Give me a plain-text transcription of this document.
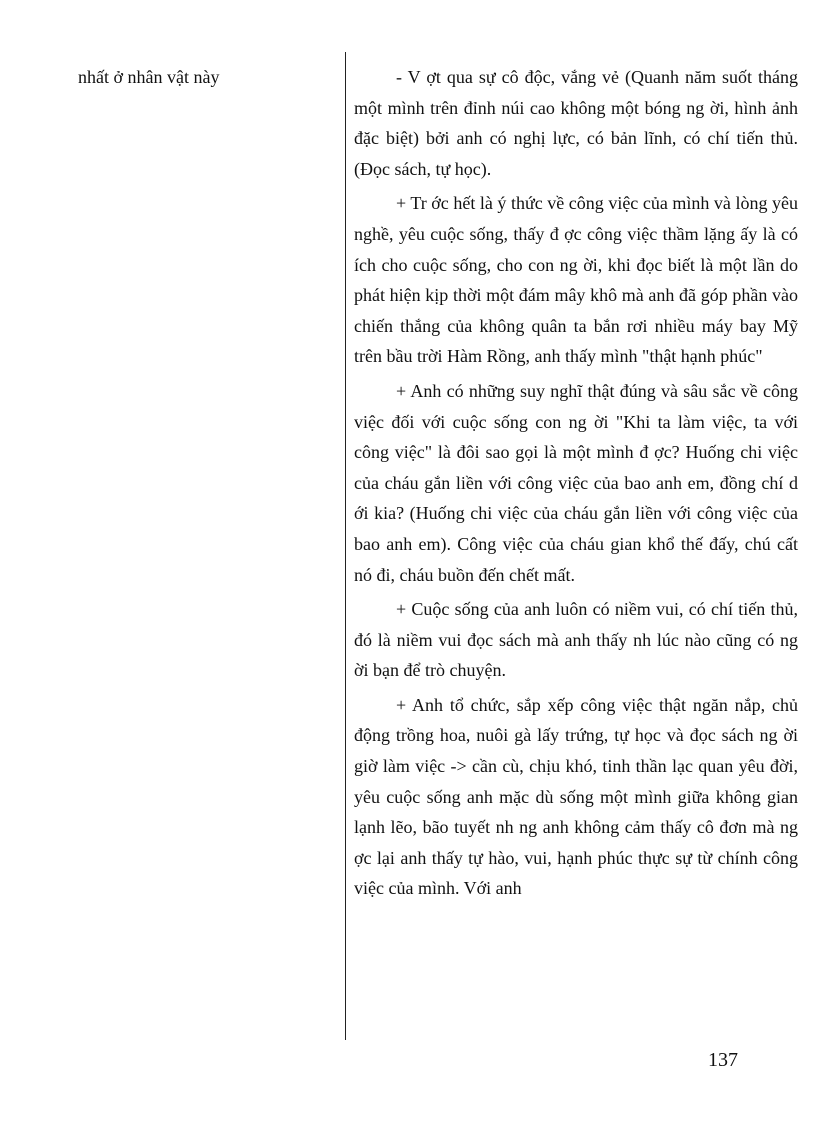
nhất ở nhân vật này	- V ợt qua sự cô độc, vắng vẻ (Quanh năm suốt tháng một mình trên đỉnh núi cao không một bóng ng ời, hình ảnh đặc biệt) bởi anh có nghị lực, có bản lĩnh, có chí tiến thủ. (Đọc sách, tự học).

+ Tr ớc hết là ý thức về công việc của mình và lòng yêu nghề, yêu cuộc sống, thấy đ ợc công việc thầm lặng ấy là có ích cho cuộc sống, cho con ng ời, khi đọc biết là một lần do phát hiện kịp thời một đám mây khô mà anh đã góp phần vào chiến thắng của không quân ta bắn rơi nhiều máy bay Mỹ trên bầu trời Hàm Rồng, anh thấy mình "thật hạnh phúc"

+ Anh có những suy nghĩ thật đúng và sâu sắc về công việc đối với cuộc sống con ng ời "Khi ta làm việc, ta với công việc" là đôi sao gọi là một mình đ ợc? Huống chi việc của cháu gắn liền với công việc của bao anh em, đồng chí d ới kia? (Huống chi việc của cháu gắn liền với công việc của bao anh em). Công việc của cháu gian khổ thế đấy, chú cất nó đi, cháu buồn đến chết mất.

+ Cuộc sống của anh luôn có niềm vui, có chí tiến thủ, đó là niềm vui đọc sách mà anh thấy nh lúc nào cũng có ng ời bạn để trò chuyện.

+ Anh tổ chức, sắp xếp công việc thật ngăn nắp, chủ động trồng hoa, nuôi gà lấy trứng, tự học và đọc sách ng ời giờ làm việc -> cần cù, chịu khó, tinh thần lạc quan yêu đời, yêu cuộc sống anh mặc dù sống một mình giữa không gian lạnh lẽo, bão tuyết nh ng anh không cảm thấy cô đơn mà ng ợc lại anh thấy tự hào, vui, hạnh phúc thực sự từ chính công việc của mình. Với anh

137
